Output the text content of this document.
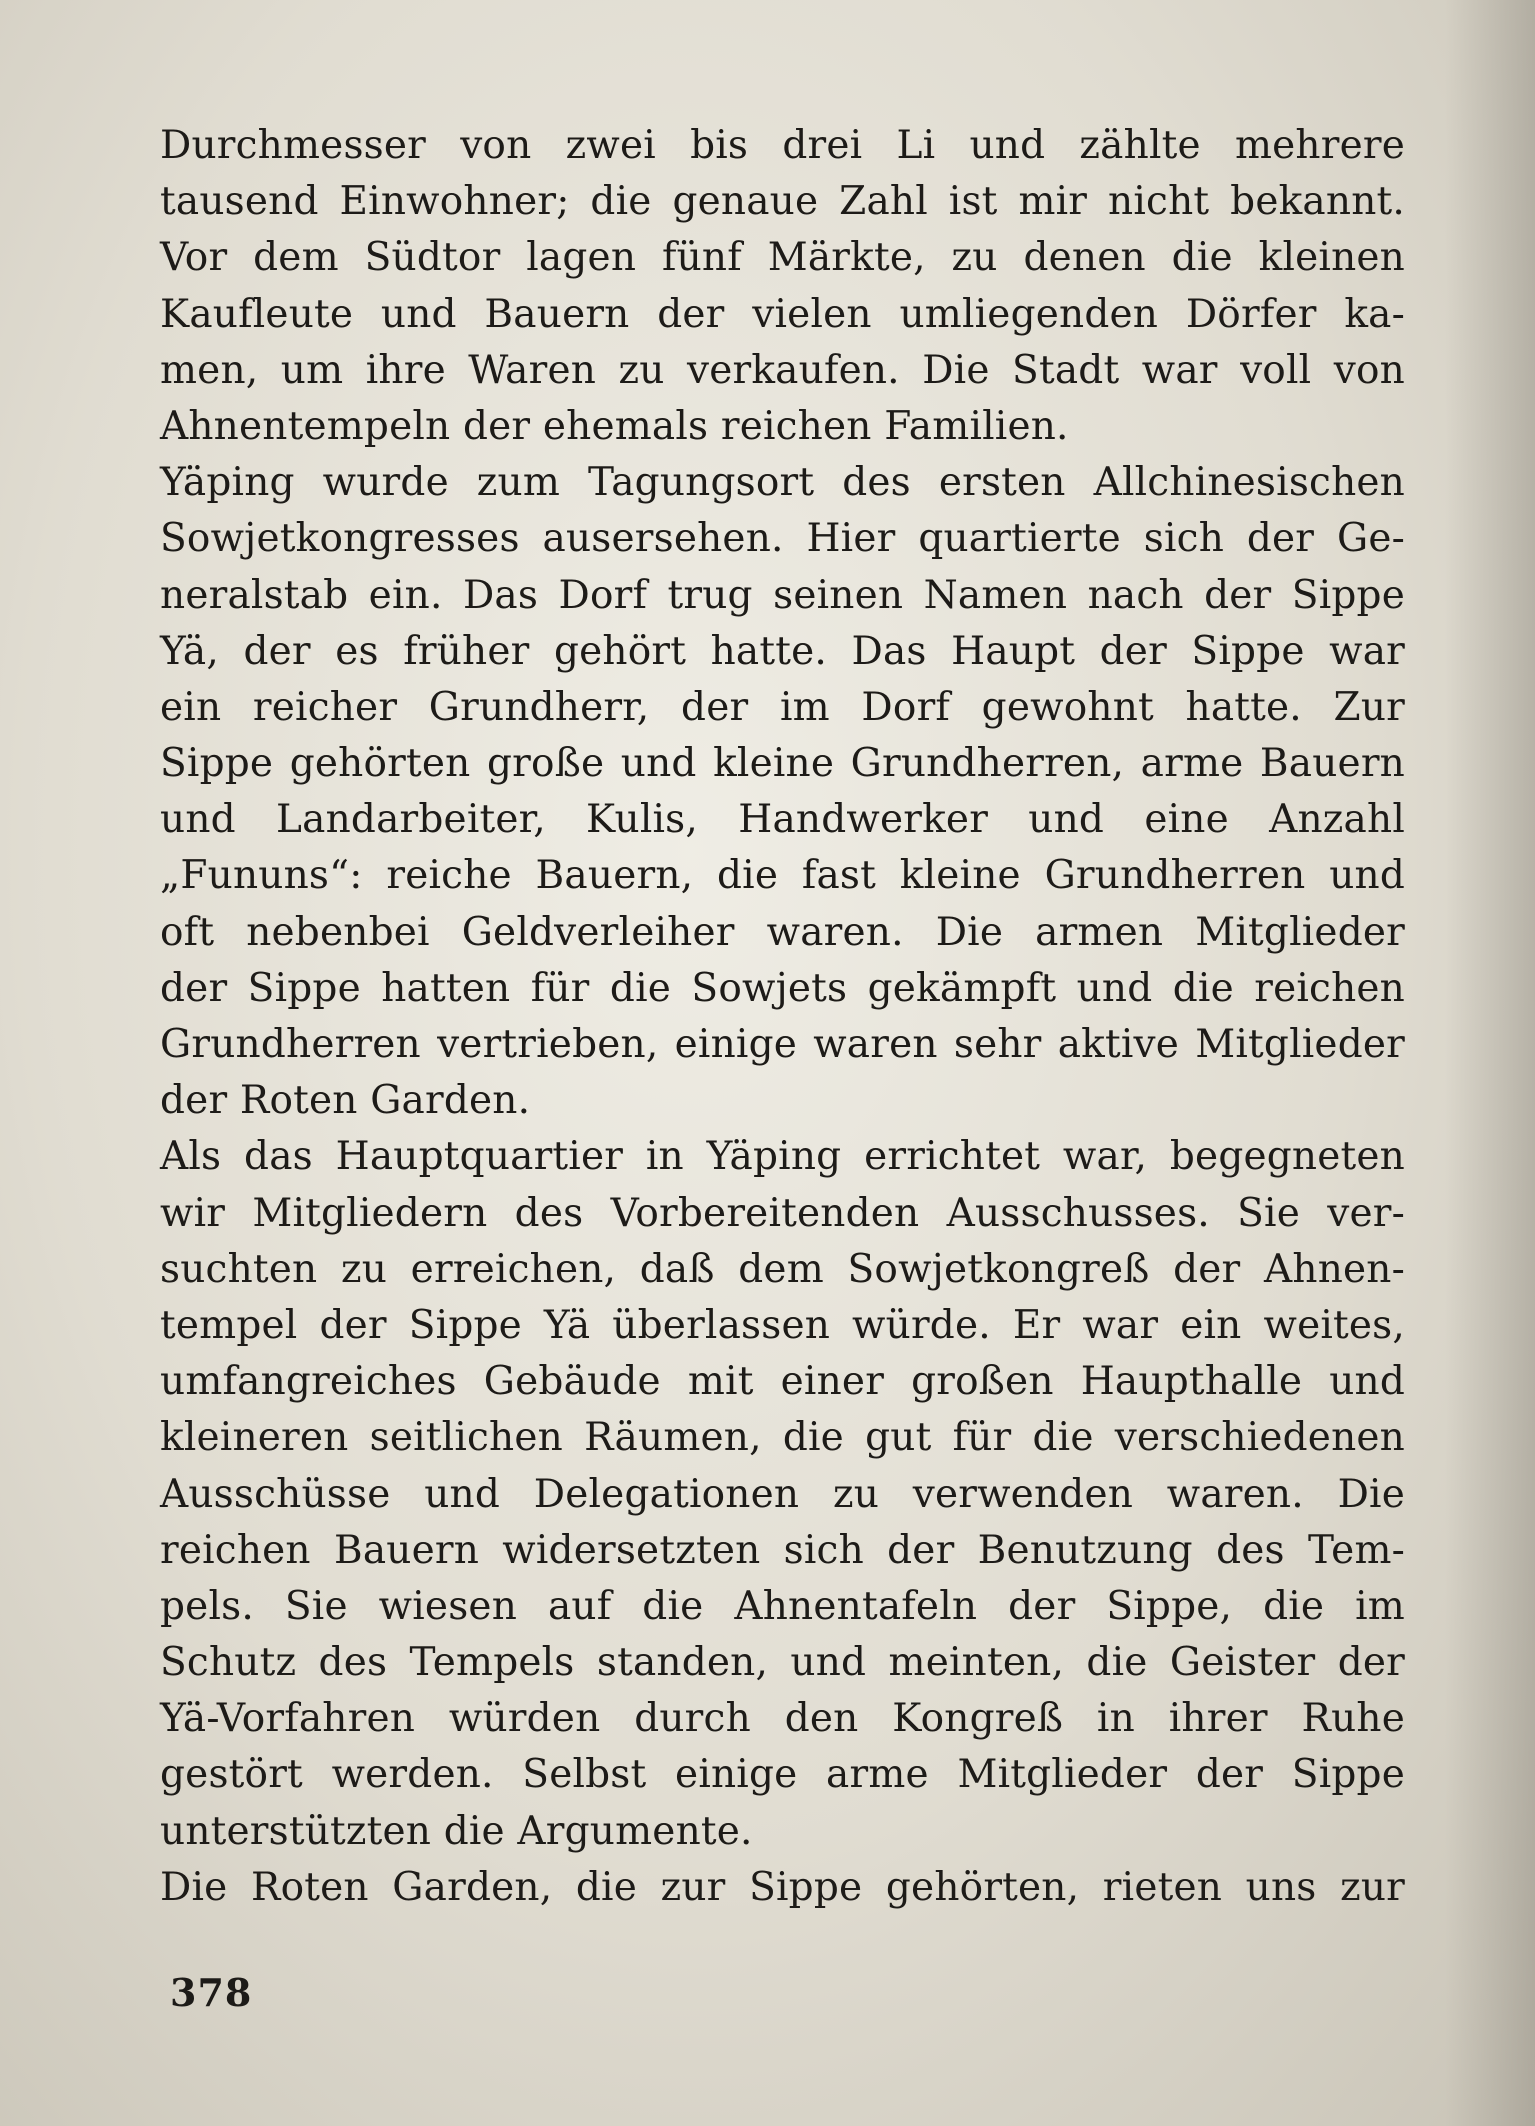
Durchmesser von zwei bis drei Li und zählte mehrere
tausend Einwohner; die genaue Zahl ist mir nicht bekannt.
Vor dem Südtor lagen fünf Märkte, zu denen die kleinen
Kaufleute und Bauern der vielen umliegenden Dörfer ka-
men, um ihre Waren zu verkaufen. Die Stadt war voll von
Ahnentempeln der ehemals reichen Familien.
Yäping wurde zum Tagungsort des ersten Allchinesischen
Sowjetkongresses ausersehen. Hier quartierte sich der Ge-
neralstab ein. Das Dorf trug seinen Namen nach der Sippe
Yä, der es früher gehört hatte. Das Haupt der Sippe war
ein reicher Grundherr, der im Dorf gewohnt hatte. Zur
Sippe gehörten große und kleine Grundherren, arme Bauern
und Landarbeiter, Kulis, Handwerker und eine Anzahl
„Fununs“: reiche Bauern, die fast kleine Grundherren und
oft nebenbei Geldverleiher waren. Die armen Mitglieder
der Sippe hatten für die Sowjets gekämpft und die reichen
Grundherren vertrieben, einige waren sehr aktive Mitglieder
der Roten Garden.
Als das Hauptquartier in Yäping errichtet war, begegneten
wir Mitgliedern des Vorbereitenden Ausschusses. Sie ver-
suchten zu erreichen, daß dem Sowjetkongreß der Ahnen-
tempel der Sippe Yä überlassen würde. Er war ein weites,
umfangreiches Gebäude mit einer großen Haupthalle und
kleineren seitlichen Räumen, die gut für die verschiedenen
Ausschüsse und Delegationen zu verwenden waren. Die
reichen Bauern widersetzten sich der Benutzung des Tem-
pels. Sie wiesen auf die Ahnentafeln der Sippe, die im
Schutz des Tempels standen, und meinten, die Geister der
Yä-Vorfahren würden durch den Kongreß in ihrer Ruhe
gestört werden. Selbst einige arme Mitglieder der Sippe
unterstützten die Argumente.
Die Roten Garden, die zur Sippe gehörten, rieten uns zur
378
